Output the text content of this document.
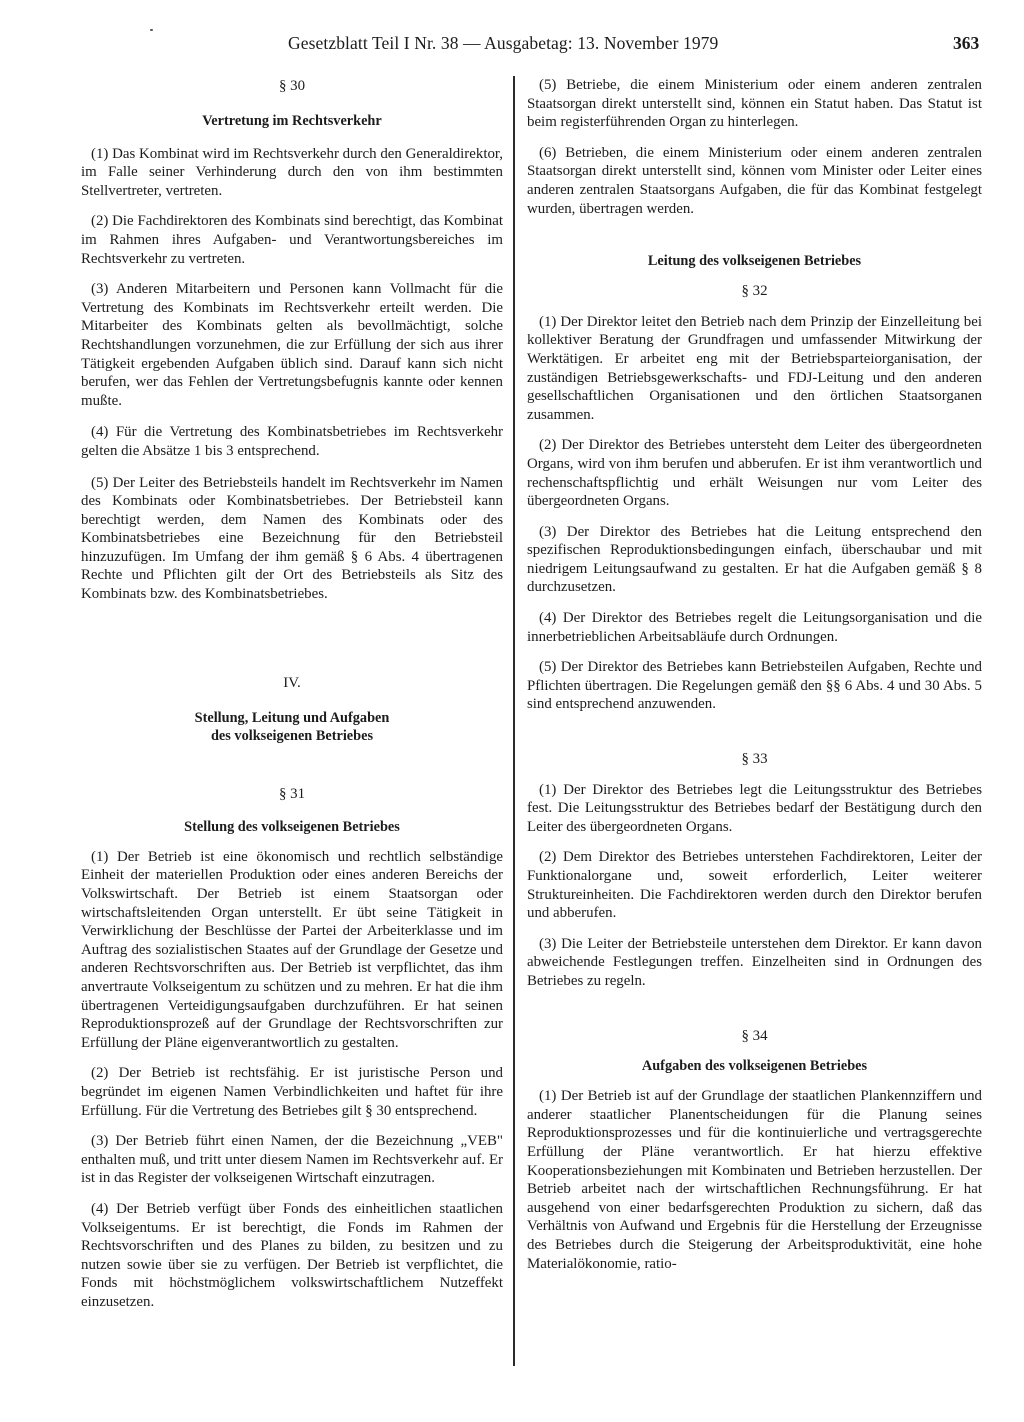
Gesetzblatt Teil I Nr. 38 — Ausgabetag: 13. November 1979	363

§ 30

Vertretung im Rechtsverkehr

(1) Das Kombinat wird im Rechtsverkehr durch den Generaldirektor, im Falle seiner Verhinderung durch den von ihm bestimmten Stellvertreter, vertreten.

(2) Die Fachdirektoren des Kombinats sind berechtigt, das Kombinat im Rahmen ihres Aufgaben- und Verantwortungsbereiches im Rechtsverkehr zu vertreten.

(3) Anderen Mitarbeitern und Personen kann Vollmacht für die Vertretung des Kombinats im Rechtsverkehr erteilt werden. Die Mitarbeiter des Kombinats gelten als bevollmächtigt, solche Rechtshandlungen vorzunehmen, die zur Erfüllung der sich aus ihrer Tätigkeit ergebenden Aufgaben üblich sind. Darauf kann sich nicht berufen, wer das Fehlen der Vertretungsbefugnis kannte oder kennen mußte.

(4) Für die Vertretung des Kombinatsbetriebes im Rechtsverkehr gelten die Absätze 1 bis 3 entsprechend.

(5) Der Leiter des Betriebsteils handelt im Rechtsverkehr im Namen des Kombinats oder Kombinatsbetriebes. Der Betriebsteil kann berechtigt werden, dem Namen des Kombinats oder des Kombinatsbetriebes eine Bezeichnung für den Betriebsteil hinzuzufügen. Im Umfang der ihm gemäß § 6 Abs. 4 übertragenen Rechte und Pflichten gilt der Ort des Betriebsteils als Sitz des Kombinats bzw. des Kombinatsbetriebes.

IV.

Stellung, Leitung und Aufgaben

des volkseigenen Betriebes

§ 31

Stellung des volkseigenen Betriebes

(1) Der Betrieb ist eine ökonomisch und rechtlich selbständige Einheit der materiellen Produktion oder eines anderen Bereichs der Volkswirtschaft. Der Betrieb ist einem Staatsorgan oder wirtschaftsleitenden Organ unterstellt. Er übt seine Tätigkeit in Verwirklichung der Beschlüsse der Partei der Arbeiterklasse und im Auftrag des sozialistischen Staates auf der Grundlage der Gesetze und anderen Rechtsvorschriften aus. Der Betrieb ist verpflichtet, das ihm anvertraute Volkseigentum zu schützen und zu mehren. Er hat die ihm übertragenen Verteidigungsaufgaben durchzuführen. Er hat seinen Reproduktionsprozeß auf der Grundlage der Rechtsvorschriften zur Erfüllung der Pläne eigenverantwortlich zu gestalten.

(2) Der Betrieb ist rechtsfähig. Er ist juristische Person und begründet im eigenen Namen Verbindlichkeiten und haftet für ihre Erfüllung. Für die Vertretung des Betriebes gilt § 30 entsprechend.

(3) Der Betrieb führt einen Namen, der die Bezeichnung „VEB" enthalten muß, und tritt unter diesem Namen im Rechtsverkehr auf. Er ist in das Register der volkseigenen Wirtschaft einzutragen.

(4) Der Betrieb verfügt über Fonds des einheitlichen staatlichen Volkseigentums. Er ist berechtigt, die Fonds im Rahmen der Rechtsvorschriften und des Planes zu bilden, zu besitzen und zu nutzen sowie über sie zu verfügen. Der Betrieb ist verpflichtet, die Fonds mit höchstmöglichem volkswirtschaftlichem Nutzeffekt einzusetzen.

(5) Betriebe, die einem Ministerium oder einem anderen zentralen Staatsorgan direkt unterstellt sind, können ein Statut haben. Das Statut ist beim registerführenden Organ zu hinterlegen.

(6) Betrieben, die einem Ministerium oder einem anderen zentralen Staatsorgan direkt unterstellt sind, können vom Minister oder Leiter eines anderen zentralen Staatsorgans Aufgaben, die für das Kombinat festgelegt wurden, übertragen werden.

Leitung des volkseigenen Betriebes

§ 32

(1) Der Direktor leitet den Betrieb nach dem Prinzip der Einzelleitung bei kollektiver Beratung der Grundfragen und umfassender Mitwirkung der Werktätigen. Er arbeitet eng mit der Betriebsparteiorganisation, der zuständigen Betriebsgewerkschafts- und FDJ-Leitung und den anderen gesellschaftlichen Organisationen und den örtlichen Staatsorganen zusammen.

(2) Der Direktor des Betriebes untersteht dem Leiter des übergeordneten Organs, wird von ihm berufen und abberufen. Er ist ihm verantwortlich und rechenschaftspflichtig und erhält Weisungen nur vom Leiter des übergeordneten Organs.

(3) Der Direktor des Betriebes hat die Leitung entsprechend den spezifischen Reproduktionsbedingungen einfach, überschaubar und mit niedrigem Leitungsaufwand zu gestalten. Er hat die Aufgaben gemäß § 8 durchzusetzen.

(4) Der Direktor des Betriebes regelt die Leitungsorganisation und die innerbetrieblichen Arbeitsabläufe durch Ordnungen.

(5) Der Direktor des Betriebes kann Betriebsteilen Aufgaben, Rechte und Pflichten übertragen. Die Regelungen gemäß den §§ 6 Abs. 4 und 30 Abs. 5 sind entsprechend anzuwenden.

§ 33

(1) Der Direktor des Betriebes legt die Leitungsstruktur des Betriebes fest. Die Leitungsstruktur des Betriebes bedarf der Bestätigung durch den Leiter des übergeordneten Organs.

(2) Dem Direktor des Betriebes unterstehen Fachdirektoren, Leiter der Funktionalorgane und, soweit erforderlich, Leiter weiterer Struktureinheiten. Die Fachdirektoren werden durch den Direktor berufen und abberufen.

(3) Die Leiter der Betriebsteile unterstehen dem Direktor. Er kann davon abweichende Festlegungen treffen. Einzelheiten sind in Ordnungen des Betriebes zu regeln.

§ 34

Aufgaben des volkseigenen Betriebes

(1) Der Betrieb ist auf der Grundlage der staatlichen Plankennziffern und anderer staatlicher Planentscheidungen für die Planung seines Reproduktionsprozesses und für die kontinuierliche und vertragsgerechte Erfüllung der Pläne verantwortlich. Er hat hierzu effektive Kooperationsbeziehungen mit Kombinaten und Betrieben herzustellen. Der Betrieb arbeitet nach der wirtschaftlichen Rechnungsführung. Er hat ausgehend von einer bedarfsgerechten Produktion zu sichern, daß das Verhältnis von Aufwand und Ergebnis für die Herstellung der Erzeugnisse des Betriebes durch die Steigerung der Arbeitsproduktivität, eine hohe Materialökonomie, ratio-
